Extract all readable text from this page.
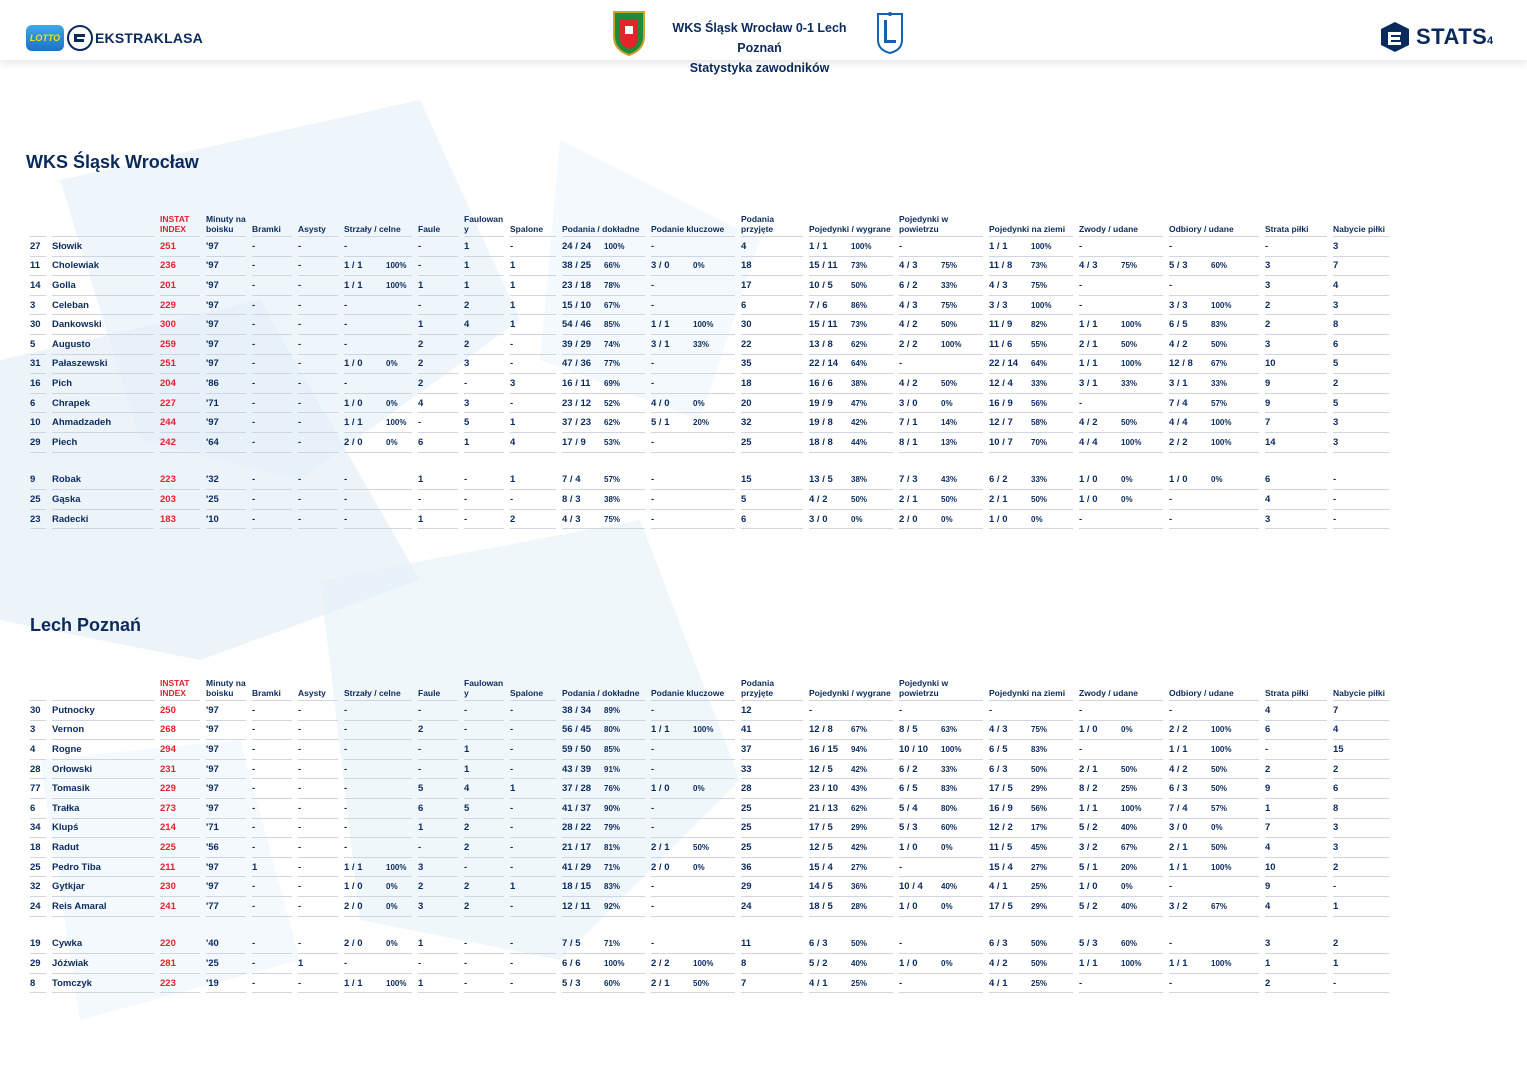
LOTTO EKSTRAKLASA
WKS Śląsk Wrocław 0-1 Lech Poznań
Statystyka zawodników
STATS 4
WKS Śląsk Wrocław
		INSTAT INDEX	Minuty na boisku	Bramki	Asysty	Strzały / celne	Faule	Faulowan y	Spalone	Podania / dokładne	Podanie kluczowe	Podania przyjęte	Pojedynki / wygrane	Pojedynki w powietrzu	Pojedynki na ziemi	Zwody / udane	Odbiory / udane	Strata piłki	Nabycie piłki
27	Słowik	251	'97	-	-	-	-	1	-	24 / 24 100%	-	4	1 / 1 100%	-	1 / 1 100%	-	-	-	3
11	Cholewiak	236	'97	-	-	1 / 1 100%	-	1	1	38 / 25 66%	3 / 0 0%	18	15 / 11 73%	4 / 3 75%	11 / 8 73%	4 / 3 75%	5 / 3 60%	3	7
14	Golla	201	'97	-	-	1 / 1 100%	1	1	1	23 / 18 78%	-	17	10 / 5 50%	6 / 2 33%	4 / 3 75%	-	-	3	4
3	Celeban	229	'97	-	-	-	-	2	1	15 / 10 67%	-	6	7 / 6 86%	4 / 3 75%	3 / 3 100%	-	3 / 3 100%	2	3
30	Dankowski	300	'97	-	-	-	1	4	1	54 / 46 85%	1 / 1 100%	30	15 / 11 73%	4 / 2 50%	11 / 9 82%	1 / 1 100%	6 / 5 83%	2	8
5	Augusto	259	'97	-	-	-	2	2	-	39 / 29 74%	3 / 1 33%	22	13 / 8 62%	2 / 2 100%	11 / 6 55%	2 / 1 50%	4 / 2 50%	3	6
31	Pałaszewski	251	'97	-	-	1 / 0 0%	2	3	-	47 / 36 77%	-	35	22 / 14 64%	-	22 / 14 64%	1 / 1 100%	12 / 8 67%	10	5
16	Pich	204	'86	-	-	-	2	-	3	16 / 11 69%	-	18	16 / 6 38%	4 / 2 50%	12 / 4 33%	3 / 1 33%	3 / 1 33%	9	2
6	Chrapek	227	'71	-	-	1 / 0 0%	4	3	-	23 / 12 52%	4 / 0 0%	20	19 / 9 47%	3 / 0 0%	16 / 9 56%	-	7 / 4 57%	9	5
10	Ahmadzadeh	244	'97	-	-	1 / 1 100%	-	5	1	37 / 23 62%	5 / 1 20%	32	19 / 8 42%	7 / 1 14%	12 / 7 58%	4 / 2 50%	4 / 4 100%	7	3
29	Piech	242	'64	-	-	2 / 0 0%	6	1	4	17 / 9 53%	-	25	18 / 8 44%	8 / 1 13%	10 / 7 70%	4 / 4 100%	2 / 2 100%	14	3

9	Robak	223	'32	-	-	-	1	-	1	7 / 4 57%	-	15	13 / 5 38%	7 / 3 43%	6 / 2 33%	1 / 0 0%	1 / 0 0%	6	-
25	Gąska	203	'25	-	-	-	-	-	-	8 / 3 38%	-	5	4 / 2 50%	2 / 1 50%	2 / 1 50%	1 / 0 0%	-	4	-
23	Radecki	183	'10	-	-	-	1	-	2	4 / 3 75%	-	6	3 / 0 0%	2 / 0 0%	1 / 0 0%	-	-	3	-
Lech Poznań
		INSTAT INDEX	Minuty na boisku	Bramki	Asysty	Strzały / celne	Faule	Faulowan y	Spalone	Podania / dokładne	Podanie kluczowe	Podania przyjęte	Pojedynki / wygrane	Pojedynki w powietrzu	Pojedynki na ziemi	Zwody / udane	Odbiory / udane	Strata piłki	Nabycie piłki
30	Putnocky	250	'97	-	-	-	-	-	-	38 / 34 89%	-	12	-	-	-	-	-	4	7
3	Vernon	268	'97	-	-	-	2	-	-	56 / 45 80%	1 / 1 100%	41	12 / 8 67%	8 / 5 63%	4 / 3 75%	1 / 0 0%	2 / 2 100%	6	4
4	Rogne	294	'97	-	-	-	-	1	-	59 / 50 85%	-	37	16 / 15 94%	10 / 10 100%	6 / 5 83%	-	1 / 1 100%	-	15
28	Orłowski	231	'97	-	-	-	-	1	-	43 / 39 91%	-	33	12 / 5 42%	6 / 2 33%	6 / 3 50%	2 / 1 50%	4 / 2 50%	2	2
77	Tomasik	229	'97	-	-	-	5	4	1	37 / 28 76%	1 / 0 0%	28	23 / 10 43%	6 / 5 83%	17 / 5 29%	8 / 2 25%	6 / 3 50%	9	6
6	Trałka	273	'97	-	-	-	6	5	-	41 / 37 90%	-	25	21 / 13 62%	5 / 4 80%	16 / 9 56%	1 / 1 100%	7 / 4 57%	1	8
34	Klupś	214	'71	-	-	-	1	2	-	28 / 22 79%	-	25	17 / 5 29%	5 / 3 60%	12 / 2 17%	5 / 2 40%	3 / 0 0%	7	3
18	Radut	225	'56	-	-	-	-	2	-	21 / 17 81%	2 / 1 50%	25	12 / 5 42%	1 / 0 0%	11 / 5 45%	3 / 2 67%	2 / 1 50%	4	3
25	Pedro Tiba	211	'97	1	-	1 / 1 100%	3	-	-	41 / 29 71%	2 / 0 0%	36	15 / 4 27%	-	15 / 4 27%	5 / 1 20%	1 / 1 100%	10	2
32	Gytkjar	230	'97	-	-	1 / 0 0%	2	2	1	18 / 15 83%	-	29	14 / 5 36%	10 / 4 40%	4 / 1 25%	1 / 0 0%	-	9	-
24	Reis Amaral	241	'77	-	-	2 / 0 0%	3	2	-	12 / 11 92%	-	24	18 / 5 28%	1 / 0 0%	17 / 5 29%	5 / 2 40%	3 / 2 67%	4	1

19	Cywka	220	'40	-	-	2 / 0 0%	1	-	-	7 / 5 71%	-	11	6 / 3 50%	-	6 / 3 50%	5 / 3 60%	-	3	2
29	Jóźwiak	281	'25	-	1	-	-	-	-	6 / 6 100%	2 / 2 100%	8	5 / 2 40%	1 / 0 0%	4 / 2 50%	1 / 1 100%	1 / 1 100%	1	1
8	Tomczyk	223	'19	-	-	1 / 1 100%	1	-	-	5 / 3 60%	2 / 1 50%	7	4 / 1 25%	-	4 / 1 25%	-	-	2	-
